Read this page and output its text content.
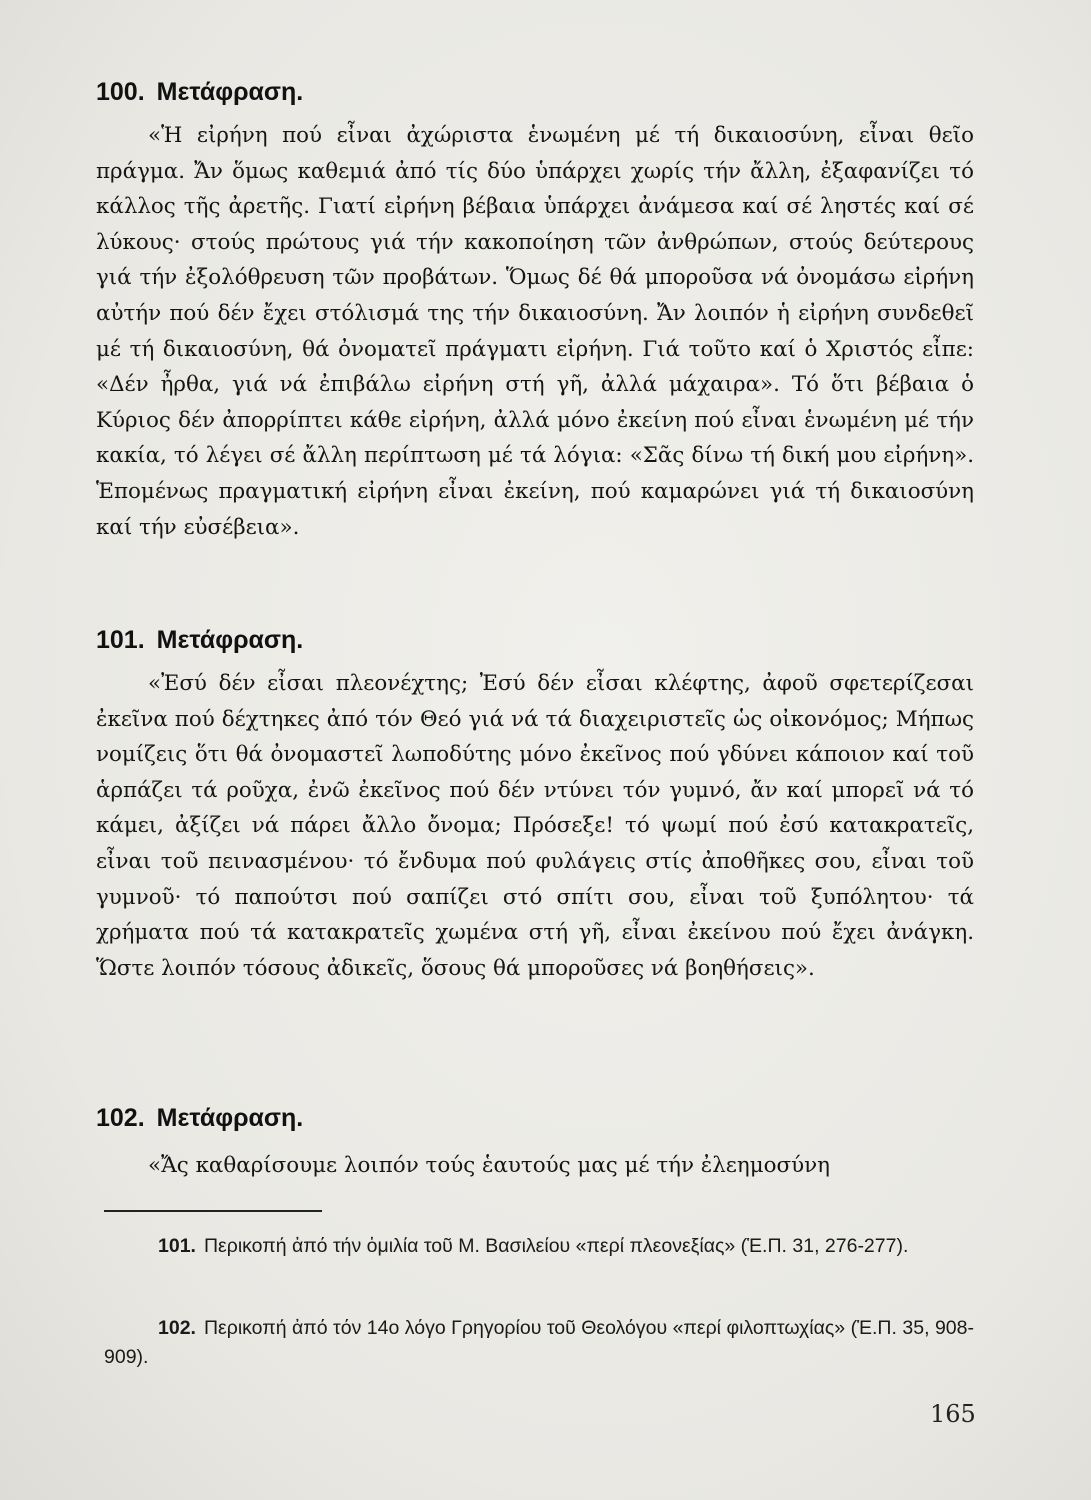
100. Μετάφραση.

«Ἡ εἰρήνη πού εἶναι ἀχώριστα ἑνωμένη μέ τή δικαιοσύνη, εἶναι θεῖο πράγμα. Ἄν ὅμως καθεμιά ἀπό τίς δύο ὑπάρχει χωρίς τήν ἄλλη, ἐξαφανίζει τό κάλλος τῆς ἀρετῆς. Γιατί εἰρήνη βέβαια ὑπάρχει ἀνάμεσα καί σέ ληστές καί σέ λύκους· στούς πρώτους γιά τήν κακοποίηση τῶν ἀνθρώπων, στούς δεύτερους γιά τήν ἐξολόθρευση τῶν προβάτων. Ὅμως δέ θά μποροῦσα νά ὀνομάσω εἰρήνη αὐτήν πού δέν ἔχει στόλισμά της τήν δικαιοσύνη. Ἄν λοιπόν ἡ εἰρήνη συνδεθεῖ μέ τή δικαιοσύνη, θά ὀνοματεῖ πράγματι εἰρήνη. Γιά τοῦτο καί ὁ Χριστός εἶπε: «Δέν ἦρθα, γιά νά ἐπιβάλω εἰρήνη στή γῆ, ἀλλά μάχαιρα». Τό ὅτι βέβαια ὁ Κύριος δέν ἀπορρίπτει κάθε εἰρήνη, ἀλλά μόνο ἐκείνη πού εἶναι ἑνωμένη μέ τήν κακία, τό λέγει σέ ἄλλη περίπτωση μέ τά λόγια: «Σᾶς δίνω τή δική μου εἰρήνη». Ἑπομένως πραγματική εἰρήνη εἶναι ἐκείνη, πού καμαρώνει γιά τή δικαιοσύνη καί τήν εὐσέβεια».

101. Μετάφραση.

«Ἐσύ δέν εἶσαι πλεονέχτης; Ἐσύ δέν εἶσαι κλέφτης, ἀφοῦ σφετερίζεσαι ἐκεῖνα πού δέχτηκες ἀπό τόν Θεό γιά νά τά διαχειριστεῖς ὡς οἰκονόμος; Μήπως νομίζεις ὅτι θά ὀνομαστεῖ λωποδύτης μόνο ἐκεῖνος πού γδύνει κάποιον καί τοῦ ἁρπάζει τά ροῦχα, ἐνῶ ἐκεῖνος πού δέν ντύνει τόν γυμνό, ἄν καί μπορεῖ νά τό κάμει, ἀξίζει νά πάρει ἄλλο ὄνομα; Πρόσεξε! τό ψωμί πού ἐσύ κατακρατεῖς, εἶναι τοῦ πεινασμένου· τό ἔνδυμα πού φυλάγεις στίς ἀποθῆκες σου, εἶναι τοῦ γυμνοῦ· τό παπούτσι πού σαπίζει στό σπίτι σου, εἶναι τοῦ ξυπόλητου· τά χρήματα πού τά κατακρατεῖς χωμένα στή γῆ, εἶναι ἐκείνου πού ἔχει ἀνάγκη. Ὥστε λοιπόν τόσους ἀδικεῖς, ὅσους θά μποροῦσες νά βοηθήσεις».

102. Μετάφραση.

«Ἄς καθαρίσουμε λοιπόν τούς ἑαυτούς μας μέ τήν ἐλεημοσύνη

101. Περικοπή ἀπό τήν ὁμιλία τοῦ Μ. Βασιλείου «περί πλεονεξίας» (Ἑ.Π. 31, 276-277).

102. Περικοπή ἀπό τόν 14ο λόγο Γρηγορίου τοῦ Θεολόγου «περί φιλοπτωχίας» (Ἑ.Π. 35, 908-909).

165
